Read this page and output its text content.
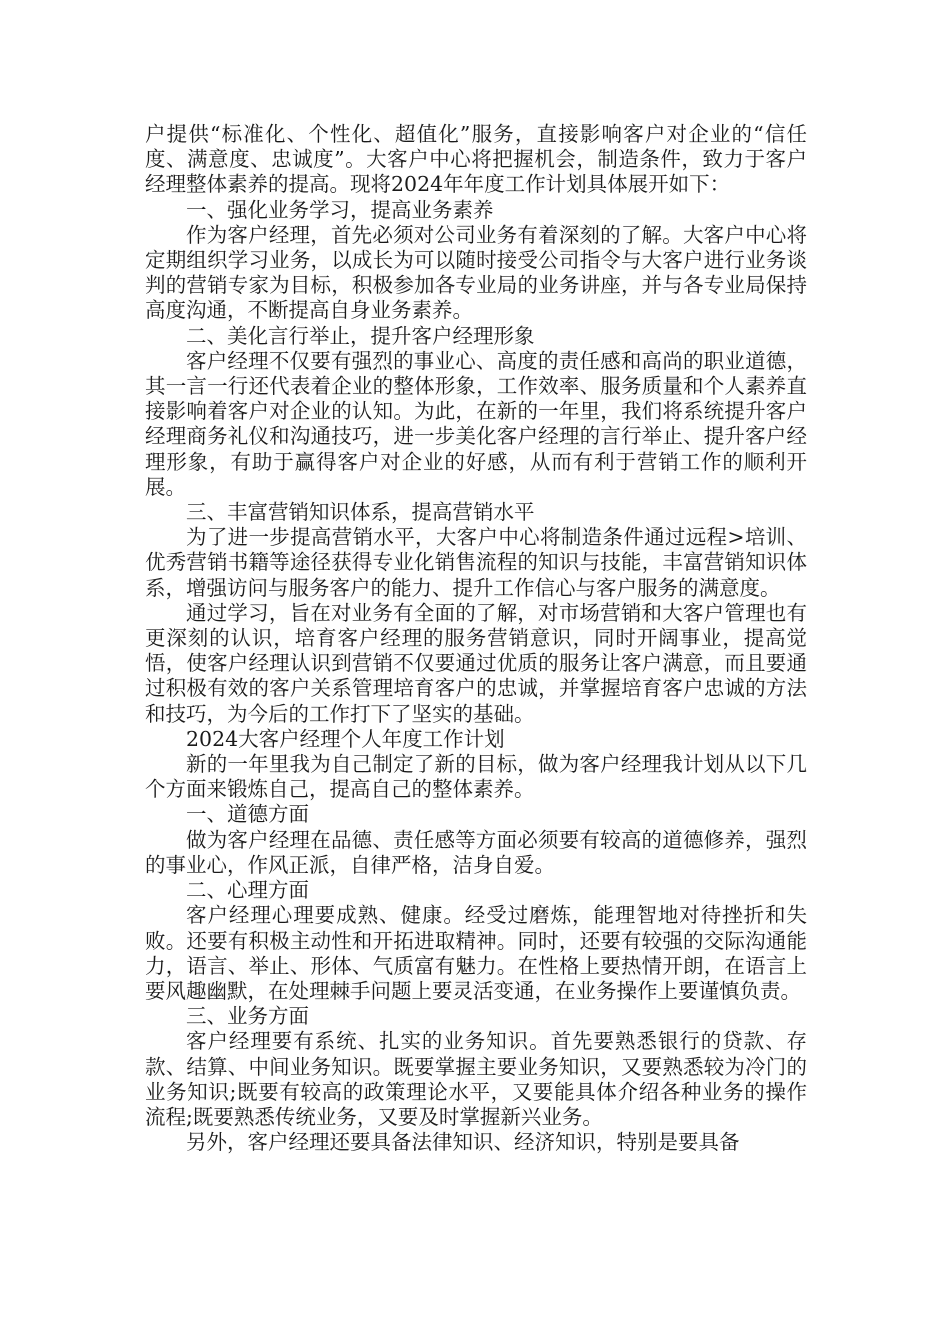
户提供“标准化、个性化、超值化”服务，直接影响客户对企业的“信任度、满意度、忠诚度”。大客户中心将把握机会，制造条件，致力于客户经理整体素养的提高。现将2024年年度工作计划具体展开如下：

一、强化业务学习，提高业务素养

作为客户经理，首先必须对公司业务有着深刻的了解。大客户中心将定期组织学习业务，以成长为可以随时接受公司指令与大客户进行业务谈判的营销专家为目标，积极参加各专业局的业务讲座，并与各专业局保持高度沟通，不断提高自身业务素养。

二、美化言行举止，提升客户经理形象

客户经理不仅要有强烈的事业心、高度的责任感和高尚的职业道德，其一言一行还代表着企业的整体形象，工作效率、服务质量和个人素养直接影响着客户对企业的认知。为此，在新的一年里，我们将系统提升客户经理商务礼仪和沟通技巧，进一步美化客户经理的言行举止、提升客户经理形象，有助于赢得客户对企业的好感，从而有利于营销工作的顺利开展。

三、丰富营销知识体系，提高营销水平

为了进一步提高营销水平，大客户中心将制造条件通过远程>培训、优秀营销书籍等途径获得专业化销售流程的知识与技能，丰富营销知识体系，增强访问与服务客户的能力、提升工作信心与客户服务的满意度。

通过学习，旨在对业务有全面的了解，对市场营销和大客户管理也有更深刻的认识，培育客户经理的服务营销意识，同时开阔事业，提高觉悟，使客户经理认识到营销不仅要通过优质的服务让客户满意，而且要通过积极有效的客户关系管理培育客户的忠诚，并掌握培育客户忠诚的方法和技巧，为今后的工作打下了坚实的基础。

2024大客户经理个人年度工作计划

新的一年里我为自己制定了新的目标，做为客户经理我计划从以下几个方面来锻炼自己，提高自己的整体素养。

一、道德方面

做为客户经理在品德、责任感等方面必须要有较高的道德修养，强烈的事业心，作风正派，自律严格，洁身自爱。

二、心理方面

客户经理心理要成熟、健康。经受过磨炼，能理智地对待挫折和失败。还要有积极主动性和开拓进取精神。同时，还要有较强的交际沟通能力，语言、举止、形体、气质富有魅力。在性格上要热情开朗，在语言上要风趣幽默，在处理棘手问题上要灵活变通，在业务操作上要谨慎负责。

三、业务方面

客户经理要有系统、扎实的业务知识。首先要熟悉银行的贷款、存款、结算、中间业务知识。既要掌握主要业务知识，又要熟悉较为冷门的业务知识;既要有较高的政策理论水平，又要能具体介绍各种业务的操作流程;既要熟悉传统业务，又要及时掌握新兴业务。

另外，客户经理还要具备法律知识、经济知识，特别是要具备
